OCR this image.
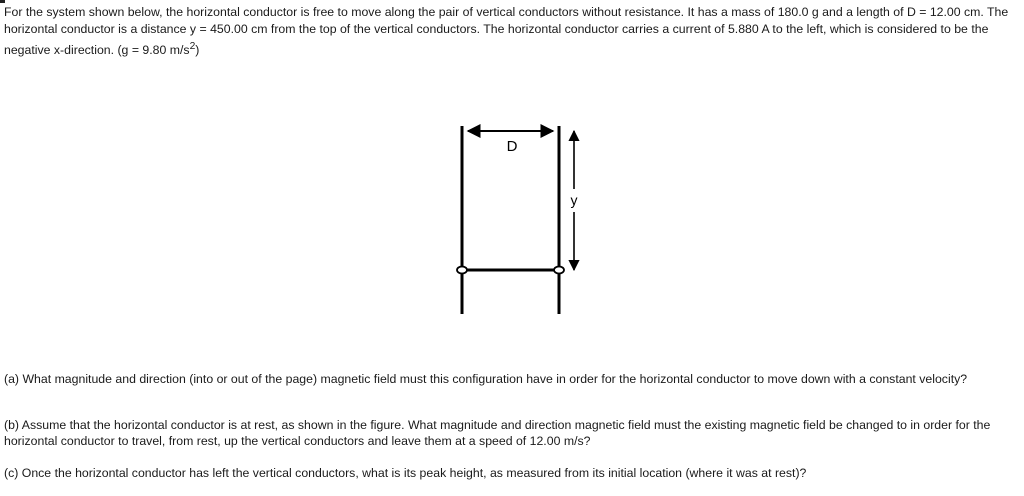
For the system shown below, the horizontal conductor is free to move along the pair of vertical conductors without resistance. It has a mass of 180.0 g and a length of D = 12.00 cm. The horizontal conductor is a distance y = 450.00 cm from the top of the vertical conductors. The horizontal conductor carries a current of 5.880 A to the left, which is considered to be the negative x-direction. (g = 9.80 $m/s^2$)

D
y

(a) What magnitude and direction (into or out of the page) magnetic field must this configuration have in order for the horizontal conductor to move down with a constant velocity?

(b) Assume that the horizontal conductor is at rest, as shown in the figure. What magnitude and direction magnetic field must the existing magnetic field be changed to in order for the horizontal conductor to travel, from rest, up the vertical conductors and leave them at a speed of 12.00 m/s?

(c) Once the horizontal conductor has left the vertical conductors, what is its peak height, as measured from its initial location (where it was at rest)?
